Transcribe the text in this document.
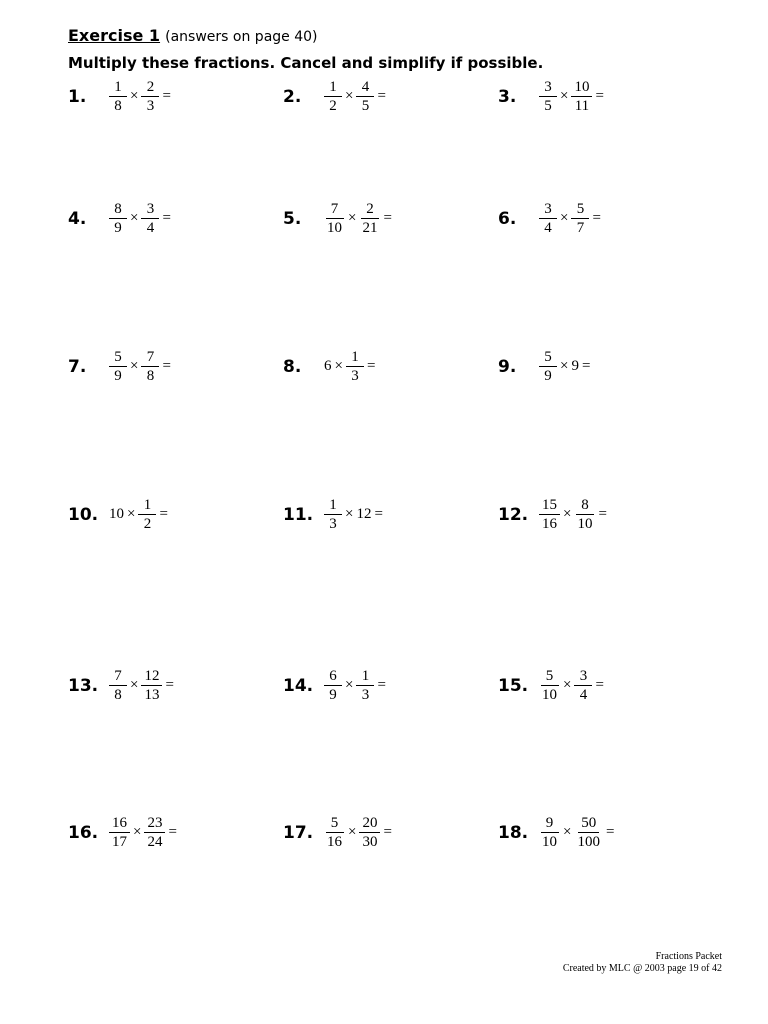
Exercise 1 (answers on page 40)
Multiply these fractions. Cancel and simplify if possible.
1.	$\frac{1}{8} \times \frac{2}{3}$ =	2.	$\frac{1}{2} \times \frac{4}{5}$ =	3.	$\frac{3}{5} \times \frac{10}{11}$ =
4.	$\frac{8}{9} \times \frac{3}{4}$ =	5.	$\frac{7}{10} \times \frac{2}{21}$ =	6.	$\frac{3}{4} \times \frac{5}{7}$ =
7.	$\frac{5}{9} \times \frac{7}{8}$ =	8.	$6 \times \frac{1}{3}$ =	9.	$\frac{5}{9} \times 9$ =
10. $10 \times \frac{1}{2}$ =	11. $\frac{1}{3} \times 12$ =	12. $\frac{15}{16} \times \frac{8}{10}$ =
13. $\frac{7}{8} \times \frac{12}{13}$ =	14. $\frac{6}{9} \times \frac{1}{3}$ =	15. $\frac{5}{10} \times \frac{3}{4}$ =
16. $\frac{16}{17} \times \frac{23}{24}$ =	17. $\frac{5}{16} \times \frac{20}{30}$ =	18. $\frac{9}{10} \times \frac{50}{100}$ =
Fractions Packet
Created by MLC @ 2003 page 19 of 42
